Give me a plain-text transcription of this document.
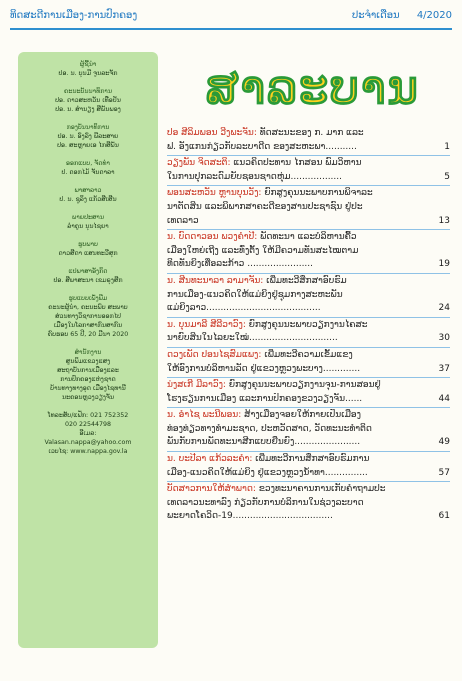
ທິດສະດີການເມືອງ-ການປົກຄອງ	ປະຈຳເດືອນ 4/2020
ຜູ້ຊີ້ນຳ
ປອ. ນ. ບຸນມີ ຈູນລະຈັກ
ຄະນະບັນນາທິການ
ປອ. ດາວສະຫວັນ ເທືອປັນ
ປອ. ນ. ສຳນຽງ ສີພັນພອງ
ກອງບັນນາທິການ
ປອ. ນ. ອົງລົງ ພີລະສາຍ
ປອ. ສະຫຼາຍເອ ໄກສີພັນ
ອອກແບບ, ຈັດທຳ
ປ. ດອກໄມ້ ຈັນດາລາ
ພາສາລາວ
ປ. ນ. ຊູລິງ ແກ້ວສີເສີນ
ພາຍປະສານ
ລຳຄູນ ນຸນໄຊຍາ
ຮູບພາບ
ດາວສີດາ ແສນທະວີສຸກ
ແປພາສາອັງກິດ
ປອ. ສີພາສະນາ ເຂມຣຸງສີກ
ຮູບແບບເພັ່ງພີມ
ຄະນະຜູ້ນຳ, ຄະນະພົບ ສະພາບ
ສ່ວນທາງວິຊາການອອກໄປ
ເມືອງໃນໂລກາສາກົນສາກົນ
ຄົບຮອບ 65 ປີ, 20 ມີນາ 2020
ສຳນັກງານ
ສູນພິມແຂວງແສງ
ສະຖາບັນການເມືອງແລະ
ການປົກຄອງແຫ່ງຊາດ
ບ້ານທາງທາງອຸດ ເມືອງໄຊທານີ
ນະຄອນຫຼວງວຽງຈັນ
ໂທລະສັບ/ແຟັກ: 021 752352
020 22544798
ອີເມລ:
Valasan.nappa@yahoo.com
ເວບໄຊ: www.nappa.gov.la
ສາລະບານ
ປອ ສີລິມພອນ ວີງພະຈັນ: ທັດສະນະຂອງ ກ. ມາກ ແລະ
ຟ. ອັງແກນກ່ຽວກັບລະບາດີດ ຂອງສະຫະພາ...........	1
ວຽງພັນ ຈິດສະຕິ: ແນວຄິດປະທານ ໄກສອນ ພົມວິຫານ
ໃນການປຸກລະດົມຍັບຊອນຊາດຫຸ່ມ..................	5
ພອນສະຫວັນ ຫຼານບຸນວັງ: ຍົກສູງຄຸນນະພາບການພິຈາລະ
ນາຕັດສິນ ແລະພິພາກສາຄະດີຂອງສານປະຊາຊົນ ຢູ່ປະ
ເທດລາວ	13
ນ. ບົດດາວອນ ພວງຄຳປີ: ພັດທະນາ ແລະບໍລິຫານຄື້ວ
ເມືອງໃຫຍ່ເຖີງ ແລະທົ່ງຕັ້ງ ໃຫ້ມີຄວາມທັນສະໄໝຕາມ
ທິດທັນຍິງເທີ່ອລະກ້າວ .......................	19
ນ. ສີນທະນາລາ ລາມາຈັນ: ເພີ່ມທະວີສຶກສາອົບຮົມ
ການເມືອງ-ແນວຄິດໃຫ້ແມ່ຍິງຢູ່ຊຸມກາງສະຫະພັນ
ແມ່ຍິງລາວ........................................	24
ນ. ບຸນມາລີ ສີລີວາວົງ: ຍົກສູງຄຸນນະພາບວຽກງານໄຄສະ
ນາຍົບສິນໃນໄລຍະໃໝ່...............................	30
ດວງເພັດ ປອນໄຊສົມແພງ: ເພີ່ມທະວີຄວາມເຂັ້ມແຂງ
ໃຫ້ອົງການບໍລິຫານລັດ ຢູ່ແຂວງຫຼວງພະບາງ.............	37
ນ່ງສເກີ ມີລາວົງ: ຍົກສູງຄຸນນະພາບວຽກງານຈຸນ-ການສອນຢູ່
ໂຮງຮຽນການເມືອງ ແລະການປົກຄອງຂວງວຽງຈັນ......	44
ນ. ອຳໄຊ ພະນີພອນ: ສ້າງເມືອງຈອຍໃຫ້ກາຍເປັນເມືອງ
ທ່ອງທ່ຽວທາງທຳມະຊາດ, ປະຫວັດສາດ, ວັດທະນະທຳຕິດ
ພັນກັບການພັດທະນາສີກແບບຍືນຍົງ.......................	49
ນ. ບະປີລາ ແກ້ວລະຄຳ: ເພີ່ມທະວີການສຶກສາອົບຮົມການ
ເມືອງ-ແນວຄິດໃຫ້ແມ່ຍິງ ຢູ່ແຂວງຫຼວງນ້ຳທາ...............	57
ບັດສາວການໃຫ້ສໍາພາດ: ຂວງທະນາຄານການເກັບຄໍາຖາມປະ
ເທດລາວນະທາລົງ ກ່ຽວກັບການບໍລິການໃນຊ່ວງລະບາດ
ພະຍາດໂຄວິດ-19...................................	61
